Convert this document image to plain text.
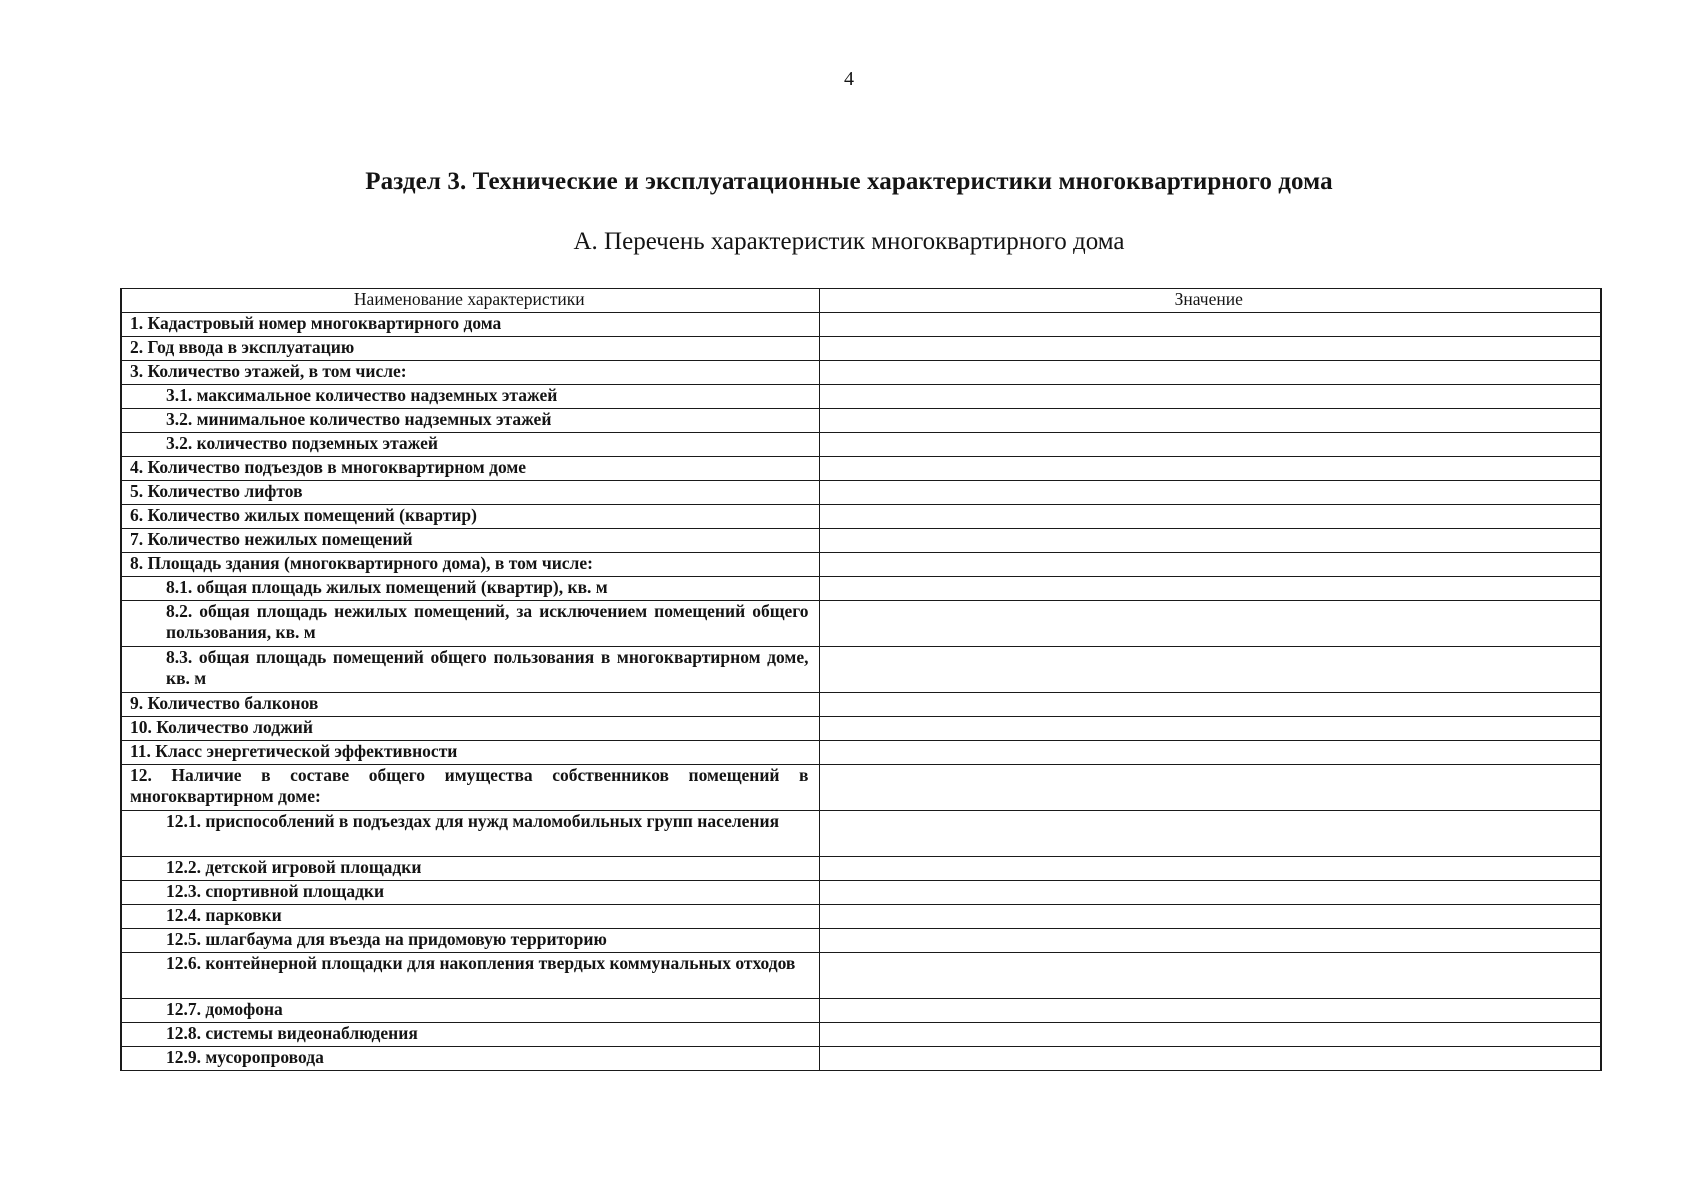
4
Раздел 3. Технические и эксплуатационные характеристики многоквартирного дома
А. Перечень характеристик многоквартирного дома
Наименование характеристики	Значение
1. Кадастровый номер многоквартирного дома	
2. Год ввода в эксплуатацию	
3. Количество этажей, в том числе:	
3.1. максимальное количество надземных этажей	
3.2. минимальное количество надземных этажей	
3.2. количество подземных этажей	
4. Количество подъездов в многоквартирном доме	
5. Количество лифтов	
6. Количество жилых помещений (квартир)	
7. Количество нежилых помещений	
8. Площадь здания (многоквартирного дома), в том числе:	
8.1. общая площадь жилых помещений (квартир), кв. м	
8.2. общая площадь нежилых помещений, за исключением помещений общего пользования, кв. м	
8.3. общая площадь помещений общего пользования в многоквартирном доме, кв. м	
9. Количество балконов	
10. Количество лоджий	
11. Класс энергетической эффективности	
12. Наличие в составе общего имущества собственников помещений в многоквартирном доме:	
12.1. приспособлений в подъездах для нужд маломобильных групп населения	
12.2. детской игровой площадки	
12.3. спортивной площадки	
12.4. парковки	
12.5. шлагбаума для въезда на придомовую территорию	
12.6. контейнерной площадки для накопления твердых коммунальных отходов	
12.7. домофона	
12.8. системы видеонаблюдения	
12.9. мусоропровода	
